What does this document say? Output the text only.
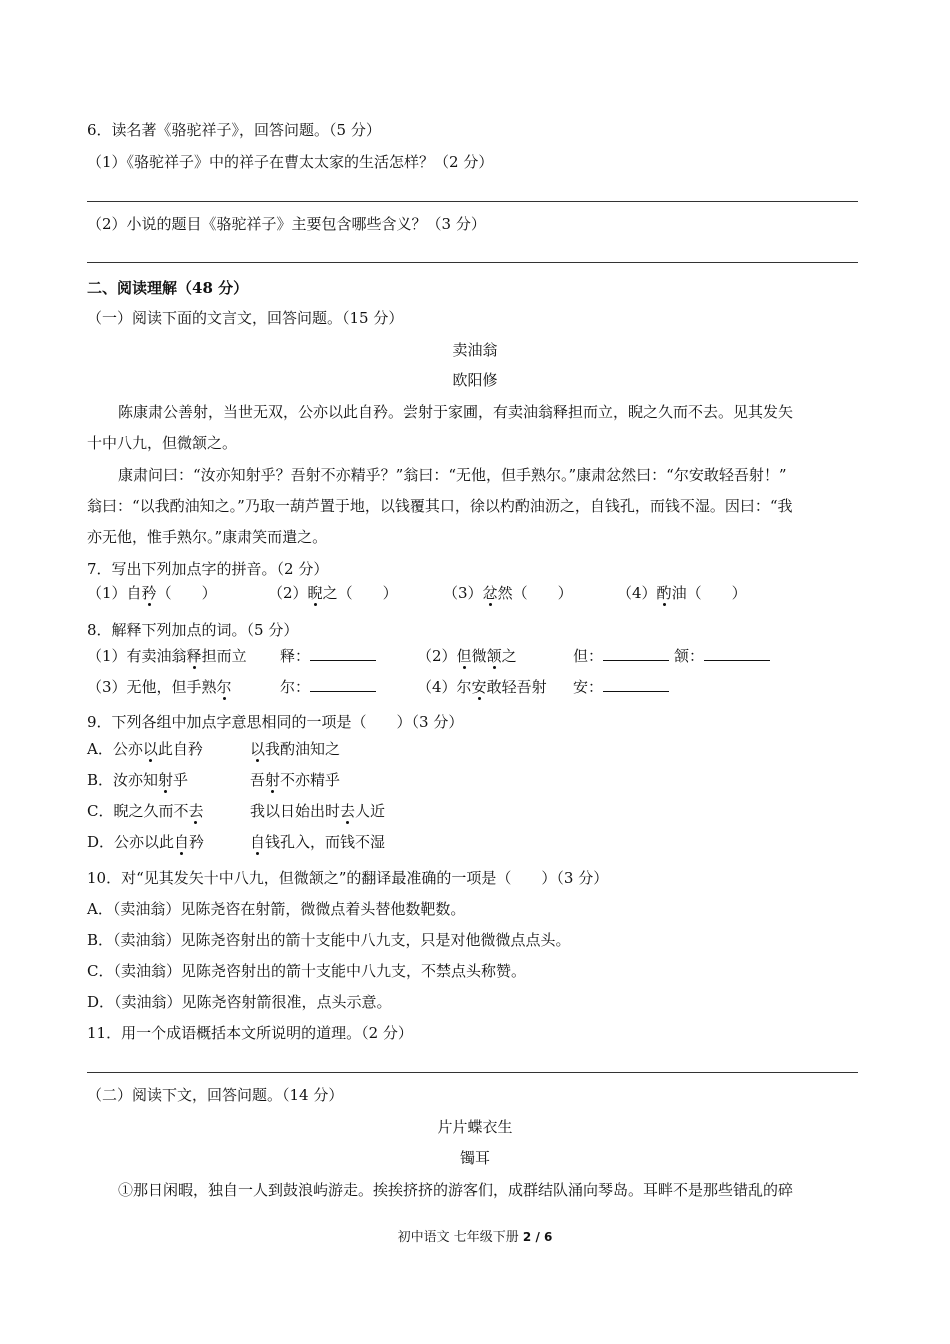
6．读名著《骆驼祥子》，回答问题。（5 分）
（1）《骆驼祥子》中的祥子在曹太太家的生活怎样？（2 分）
（2）小说的题目《骆驼祥子》主要包含哪些含义？（3 分）
二、阅读理解（48 分）
（一）阅读下面的文言文，回答问题。（15 分）
卖油翁
欧阳修
陈康肃公善射，当世无双，公亦以此自矜。尝射于家圃，有卖油翁释担而立，睨之久而不去。见其发矢
十中八九，但微颔之。
康肃问曰：“汝亦知射乎？吾射不亦精乎？”翁曰：“无他，但手熟尔。”康肃忿然曰：“尔安敢轻吾射！”
翁曰：“以我酌油知之。”乃取一葫芦置于地，以钱覆其口，徐以杓酌油沥之，自钱孔，而钱不湿。因曰：“我
亦无他，惟手熟尔。”康肃笑而遣之。
7．写出下列加点字的拼音。（2 分）
（1）自矜（　　）	（2）睨之（　　）	（3）忿然（　　）	（4）酌油（　　）
8．解释下列加点的词。（5 分）
（1）有卖油翁释担而立 释：	（2）但微颔之	但：	颔：
（3）无他，但手熟尔	尔：	（4）尔安敢轻吾射 安：
9．下列各组中加点字意思相同的一项是（　　）（3 分）
A．公亦以此自矜	以我酌油知之
B．汝亦知射乎	吾射不亦精乎
C．睨之久而不去	我以日始出时去人近
D．公亦以此自矜	自钱孔入，而钱不湿
10．对“见其发矢十中八九，但微颔之”的翻译最准确的一项是（　　）（3 分）
A．（卖油翁）见陈尧咨在射箭，微微点着头替他数靶数。
B．（卖油翁）见陈尧咨射出的箭十支能中八九支，只是对他微微点点头。
C．（卖油翁）见陈尧咨射出的箭十支能中八九支，不禁点头称赞。
D．（卖油翁）见陈尧咨射箭很准，点头示意。
11．用一个成语概括本文所说明的道理。（2 分）
（二）阅读下文，回答问题。（14 分）
片片蝶衣生
镯耳
①那日闲暇，独自一人到鼓浪屿游走。挨挨挤挤的游客们，成群结队涌向琴岛。耳畔不是那些错乱的碎
初中语文 七年级下册 2 / 6
